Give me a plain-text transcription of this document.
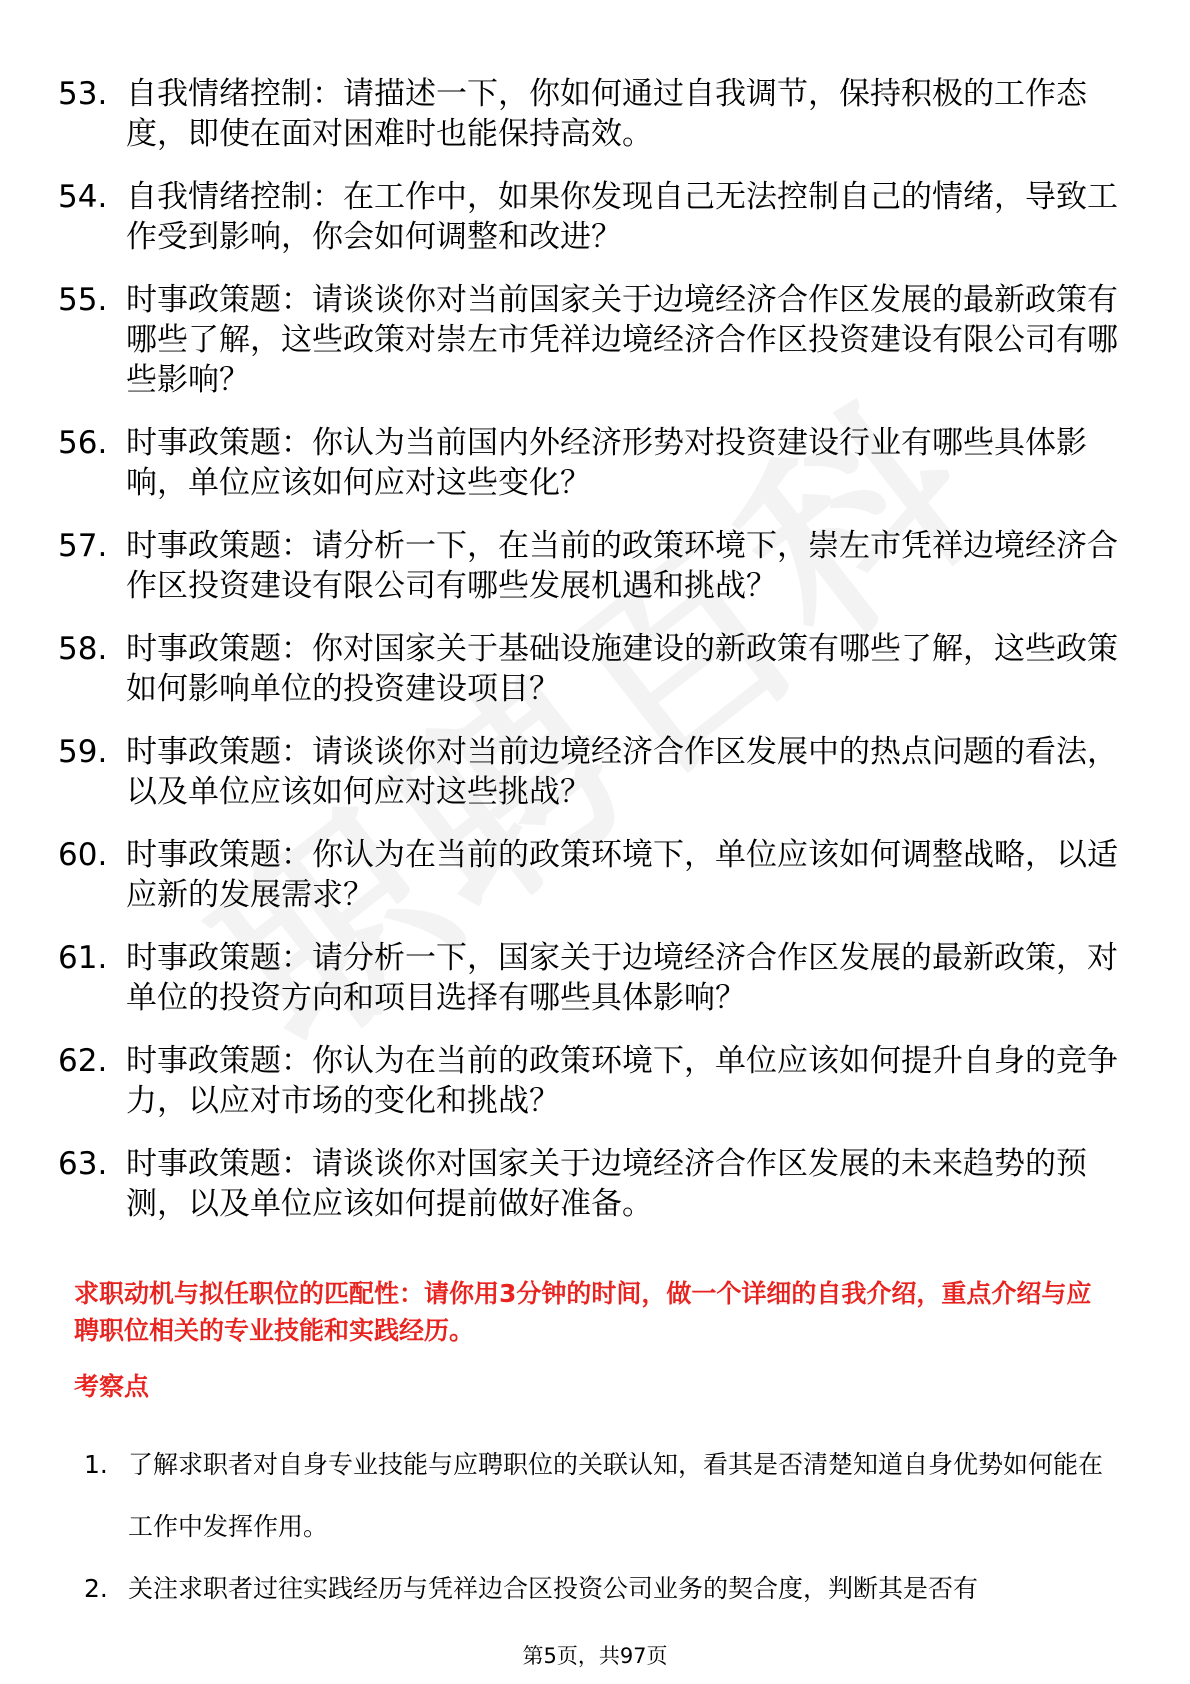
53. 自我情绪控制：请描述一下，你如何通过自我调节，保持积极的工作态度，即使在面对困难时也能保持高效。
54. 自我情绪控制：在工作中，如果你发现自己无法控制自己的情绪，导致工作受到影响，你会如何调整和改进？
55. 时事政策题：请谈谈你对当前国家关于边境经济合作区发展的最新政策有哪些了解，这些政策对崇左市凭祥边境经济合作区投资建设有限公司有哪些影响？
56. 时事政策题：你认为当前国内外经济形势对投资建设行业有哪些具体影响，单位应该如何应对这些变化？
57. 时事政策题：请分析一下，在当前的政策环境下，崇左市凭祥边境经济合作区投资建设有限公司有哪些发展机遇和挑战？
58. 时事政策题：你对国家关于基础设施建设的新政策有哪些了解，这些政策如何影响单位的投资建设项目？
59. 时事政策题：请谈谈你对当前边境经济合作区发展中的热点问题的看法，以及单位应该如何应对这些挑战？
60. 时事政策题：你认为在当前的政策环境下，单位应该如何调整战略，以适应新的发展需求？
61. 时事政策题：请分析一下，国家关于边境经济合作区发展的最新政策，对单位的投资方向和项目选择有哪些具体影响？
62. 时事政策题：你认为在当前的政策环境下，单位应该如何提升自身的竞争力，以应对市场的变化和挑战？
63. 时事政策题：请谈谈你对国家关于边境经济合作区发展的未来趋势的预测，以及单位应该如何提前做好准备。
求职动机与拟任职位的匹配性：请你用3分钟的时间，做一个详细的自我介绍，重点介绍与应聘职位相关的专业技能和实践经历。
考察点
1. 了解求职者对自身专业技能与应聘职位的关联认知，看其是否清楚知道自身优势如何能在工作中发挥作用。
2. 关注求职者过往实践经历与凭祥边合区投资公司业务的契合度，判断其是否有
第5页，共97页
